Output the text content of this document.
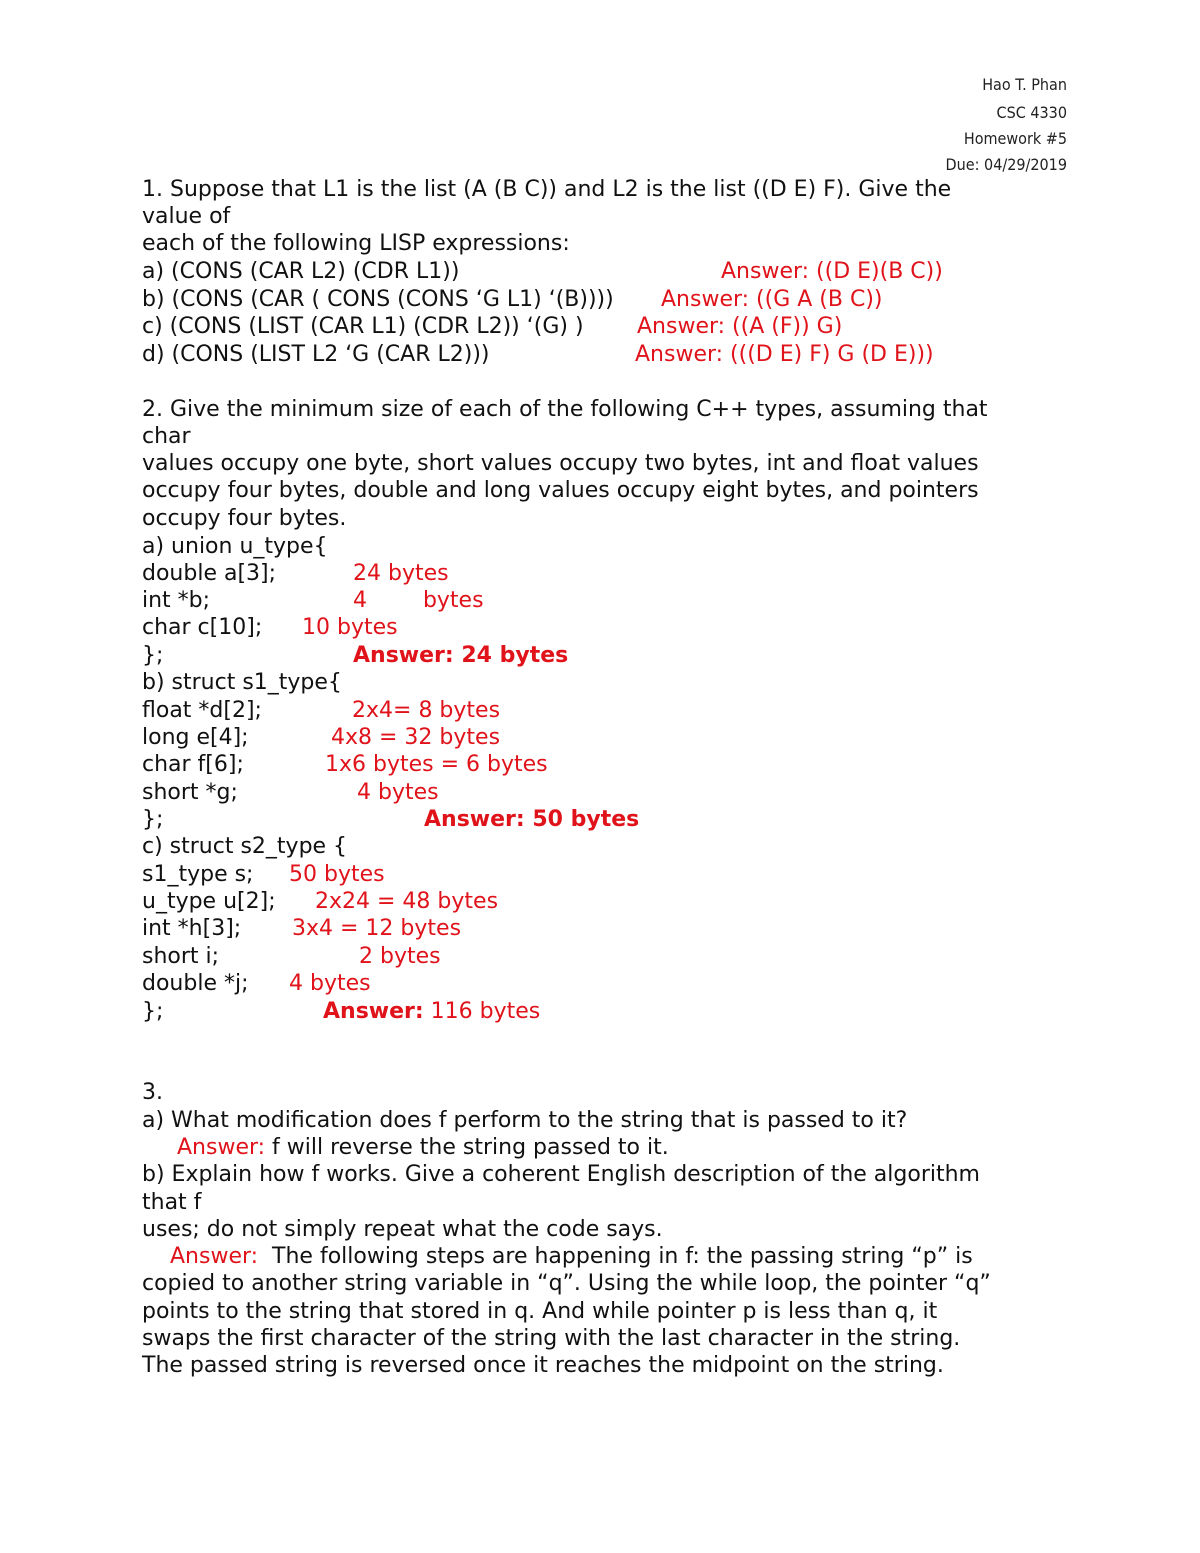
Hao T. Phan
CSC 4330
Homework #5
Due: 04/29/2019
1. Suppose that L1 is the list (A (B C)) and L2 is the list ((D E) F). Give the
value of
each of the following LISP expressions:
a) (CONS (CAR L2) (CDR L1))	Answer: ((D E)(B C))
b) (CONS (CAR ( CONS (CONS ‘G L1) ‘(B)))) Answer: ((G A (B C))
c) (CONS (LIST (CAR L1) (CDR L2)) ‘(G) ) Answer: ((A (F)) G)
d) (CONS (LIST L2 ‘G (CAR L2)))	Answer: (((D E) F) G (D E)))
2. Give the minimum size of each of the following C++ types, assuming that
char
values occupy one byte, short values occupy two bytes, int and float values
occupy four bytes, double and long values occupy eight bytes, and pointers
occupy four bytes.
a) union u_type{
double a[3];	24 bytes
int *b;	4        bytes
char c[10]; 10 bytes
};	Answer: 24 bytes
b) struct s1_type{
float *d[2];	2x4= 8 bytes
long e[4];	4x8 = 32 bytes
char f[6];	1x6 bytes = 6 bytes
short *g;	4 bytes
};	Answer: 50 bytes
c) struct s2_type {
s1_type s; 50 bytes
u_type u[2]; 2x24 = 48 bytes
int *h[3]; 3x4 = 12 bytes
short i;	2 bytes
double *j; 4 bytes
};	Answer: 116 bytes
3.
a) What modification does f perform to the string that is passed to it?
Answer: f will reverse the string passed to it.
b) Explain how f works. Give a coherent English description of the algorithm
that f
uses; do not simply repeat what the code says.
Answer:  The following steps are happening in f: the passing string “p” is
copied to another string variable in “q”. Using the while loop, the pointer “q”
points to the string that stored in q. And while pointer p is less than q, it
swaps the first character of the string with the last character in the string.
The passed string is reversed once it reaches the midpoint on the string.
